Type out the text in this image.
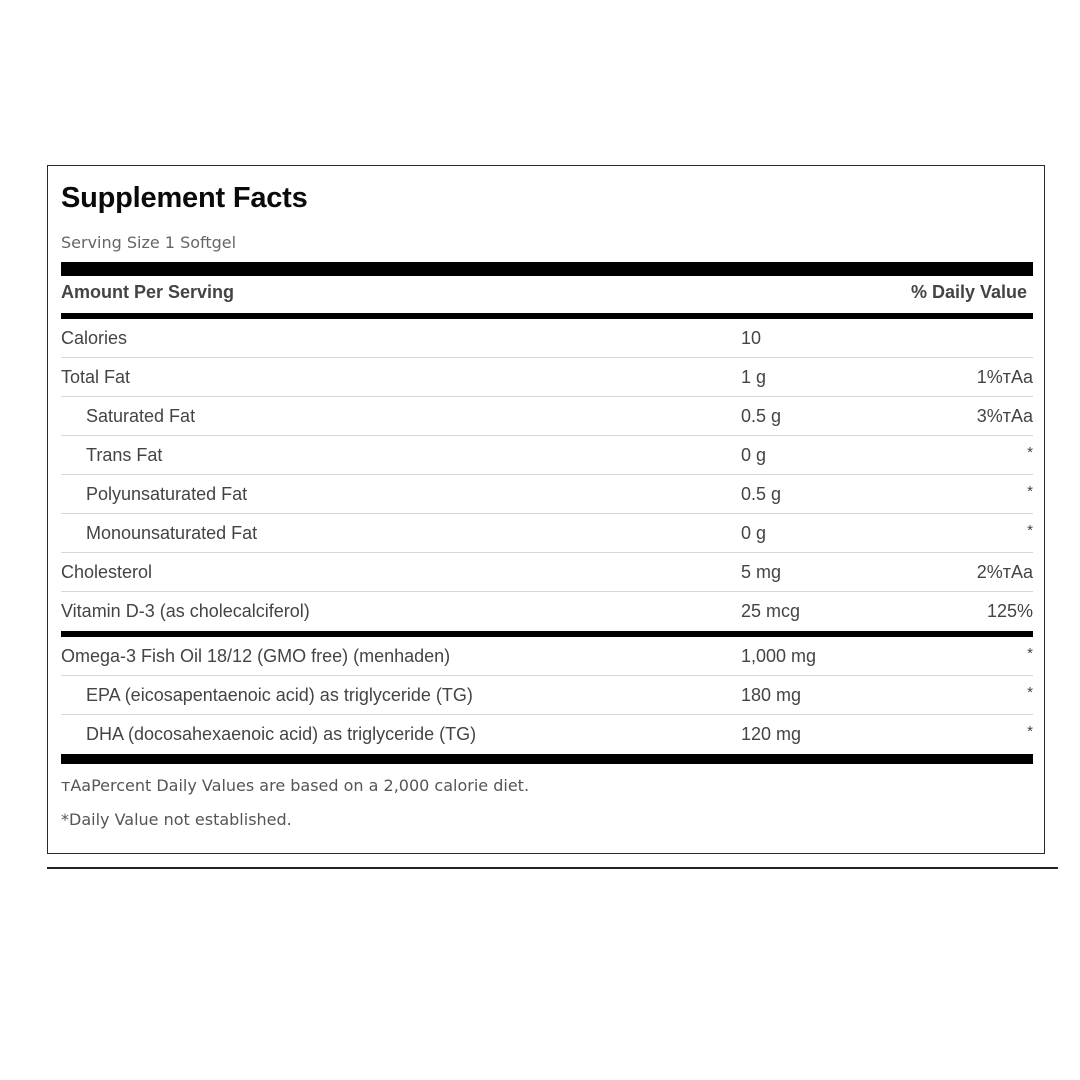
Supplement Facts
Serving Size 1 Softgel
Amount Per Serving	% Daily Value
Calories	10
Total Fat	1 g	1%тAa
Saturated Fat	0.5 g	3%тAa
Trans Fat	0 g	*
Polyunsaturated Fat	0.5 g	*
Monounsaturated Fat	0 g	*
Cholesterol	5 mg	2%тAa
Vitamin D-3 (as cholecalciferol)	25 mcg	125%
Omega-3 Fish Oil 18/12 (GMO free) (menhaden)	1,000 mg	*
EPA (eicosapentaenoic acid) as triglyceride (TG)	180 mg	*
DHA (docosahexaenoic acid) as triglyceride (TG)	120 mg	*
тAaPercent Daily Values are based on a 2,000 calorie diet.
*Daily Value not established.
